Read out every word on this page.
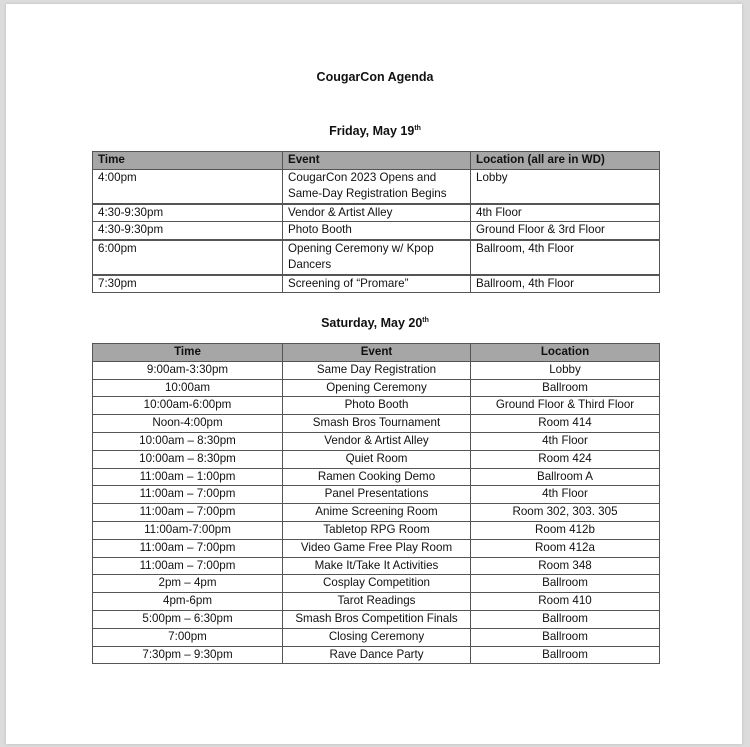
CougarCon Agenda
Friday, May 19th
Time	Event	Location (all are in WD)
4:00pm	CougarCon 2023 Opens and Same-Day Registration Begins	Lobby
4:30-9:30pm	Vendor & Artist Alley	4th Floor
4:30-9:30pm	Photo Booth	Ground Floor & 3rd Floor
6:00pm	Opening Ceremony w/ Kpop Dancers	Ballroom, 4th Floor
7:30pm	Screening of “Promare”	Ballroom, 4th Floor
Saturday, May 20th
Time	Event	Location
9:00am-3:30pm	Same Day Registration	Lobby
10:00am	Opening Ceremony	Ballroom
10:00am-6:00pm	Photo Booth	Ground Floor & Third Floor
Noon-4:00pm	Smash Bros Tournament	Room 414
10:00am – 8:30pm	Vendor & Artist Alley	4th Floor
10:00am – 8:30pm	Quiet Room	Room 424
11:00am – 1:00pm	Ramen Cooking Demo	Ballroom A
11:00am – 7:00pm	Panel Presentations	4th Floor
11:00am – 7:00pm	Anime Screening Room	Room 302, 303. 305
11:00am-7:00pm	Tabletop RPG Room	Room 412b
11:00am – 7:00pm	Video Game Free Play Room	Room 412a
11:00am – 7:00pm	Make It/Take It Activities	Room 348
2pm – 4pm	Cosplay Competition	Ballroom
4pm-6pm	Tarot Readings	Room 410
5:00pm – 6:30pm	Smash Bros Competition Finals	Ballroom
7:00pm	Closing Ceremony	Ballroom
7:30pm – 9:30pm	Rave Dance Party	Ballroom
